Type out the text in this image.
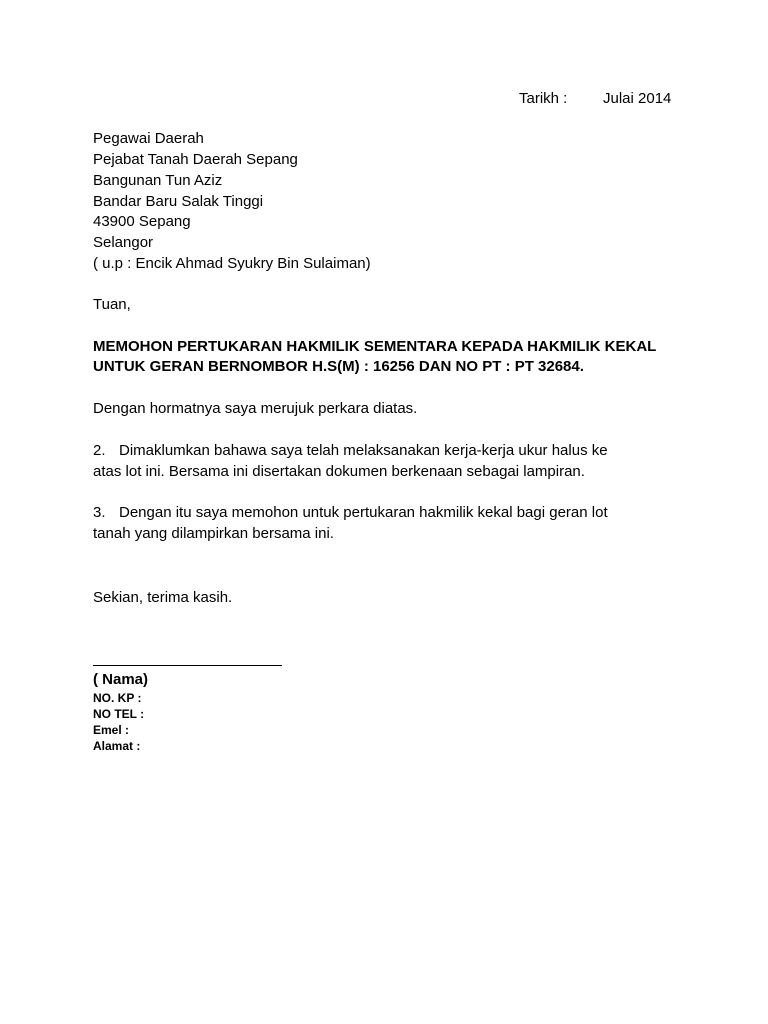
Tarikh : Julai 2014
Pegawai Daerah
Pejabat Tanah Daerah Sepang
Bangunan Tun Aziz
Bandar Baru Salak Tinggi
43900 Sepang
Selangor
( u.p : Encik Ahmad Syukry Bin Sulaiman)
Tuan,
MEMOHON PERTUKARAN HAKMILIK SEMENTARA KEPADA HAKMILIK KEKAL
UNTUK GERAN BERNOMBOR H.S(M) : 16256 DAN NO PT : PT 32684.
Dengan hormatnya saya merujuk perkara diatas.
2. Dimaklumkan bahawa saya telah melaksanakan kerja-kerja ukur halus ke
atas lot ini. Bersama ini disertakan dokumen berkenaan sebagai lampiran.
3. Dengan itu saya memohon untuk pertukaran hakmilik kekal bagi geran lot
tanah yang dilampirkan bersama ini.
Sekian, terima kasih.
( Nama)
NO. KP :
NO TEL :
Emel :
Alamat :
